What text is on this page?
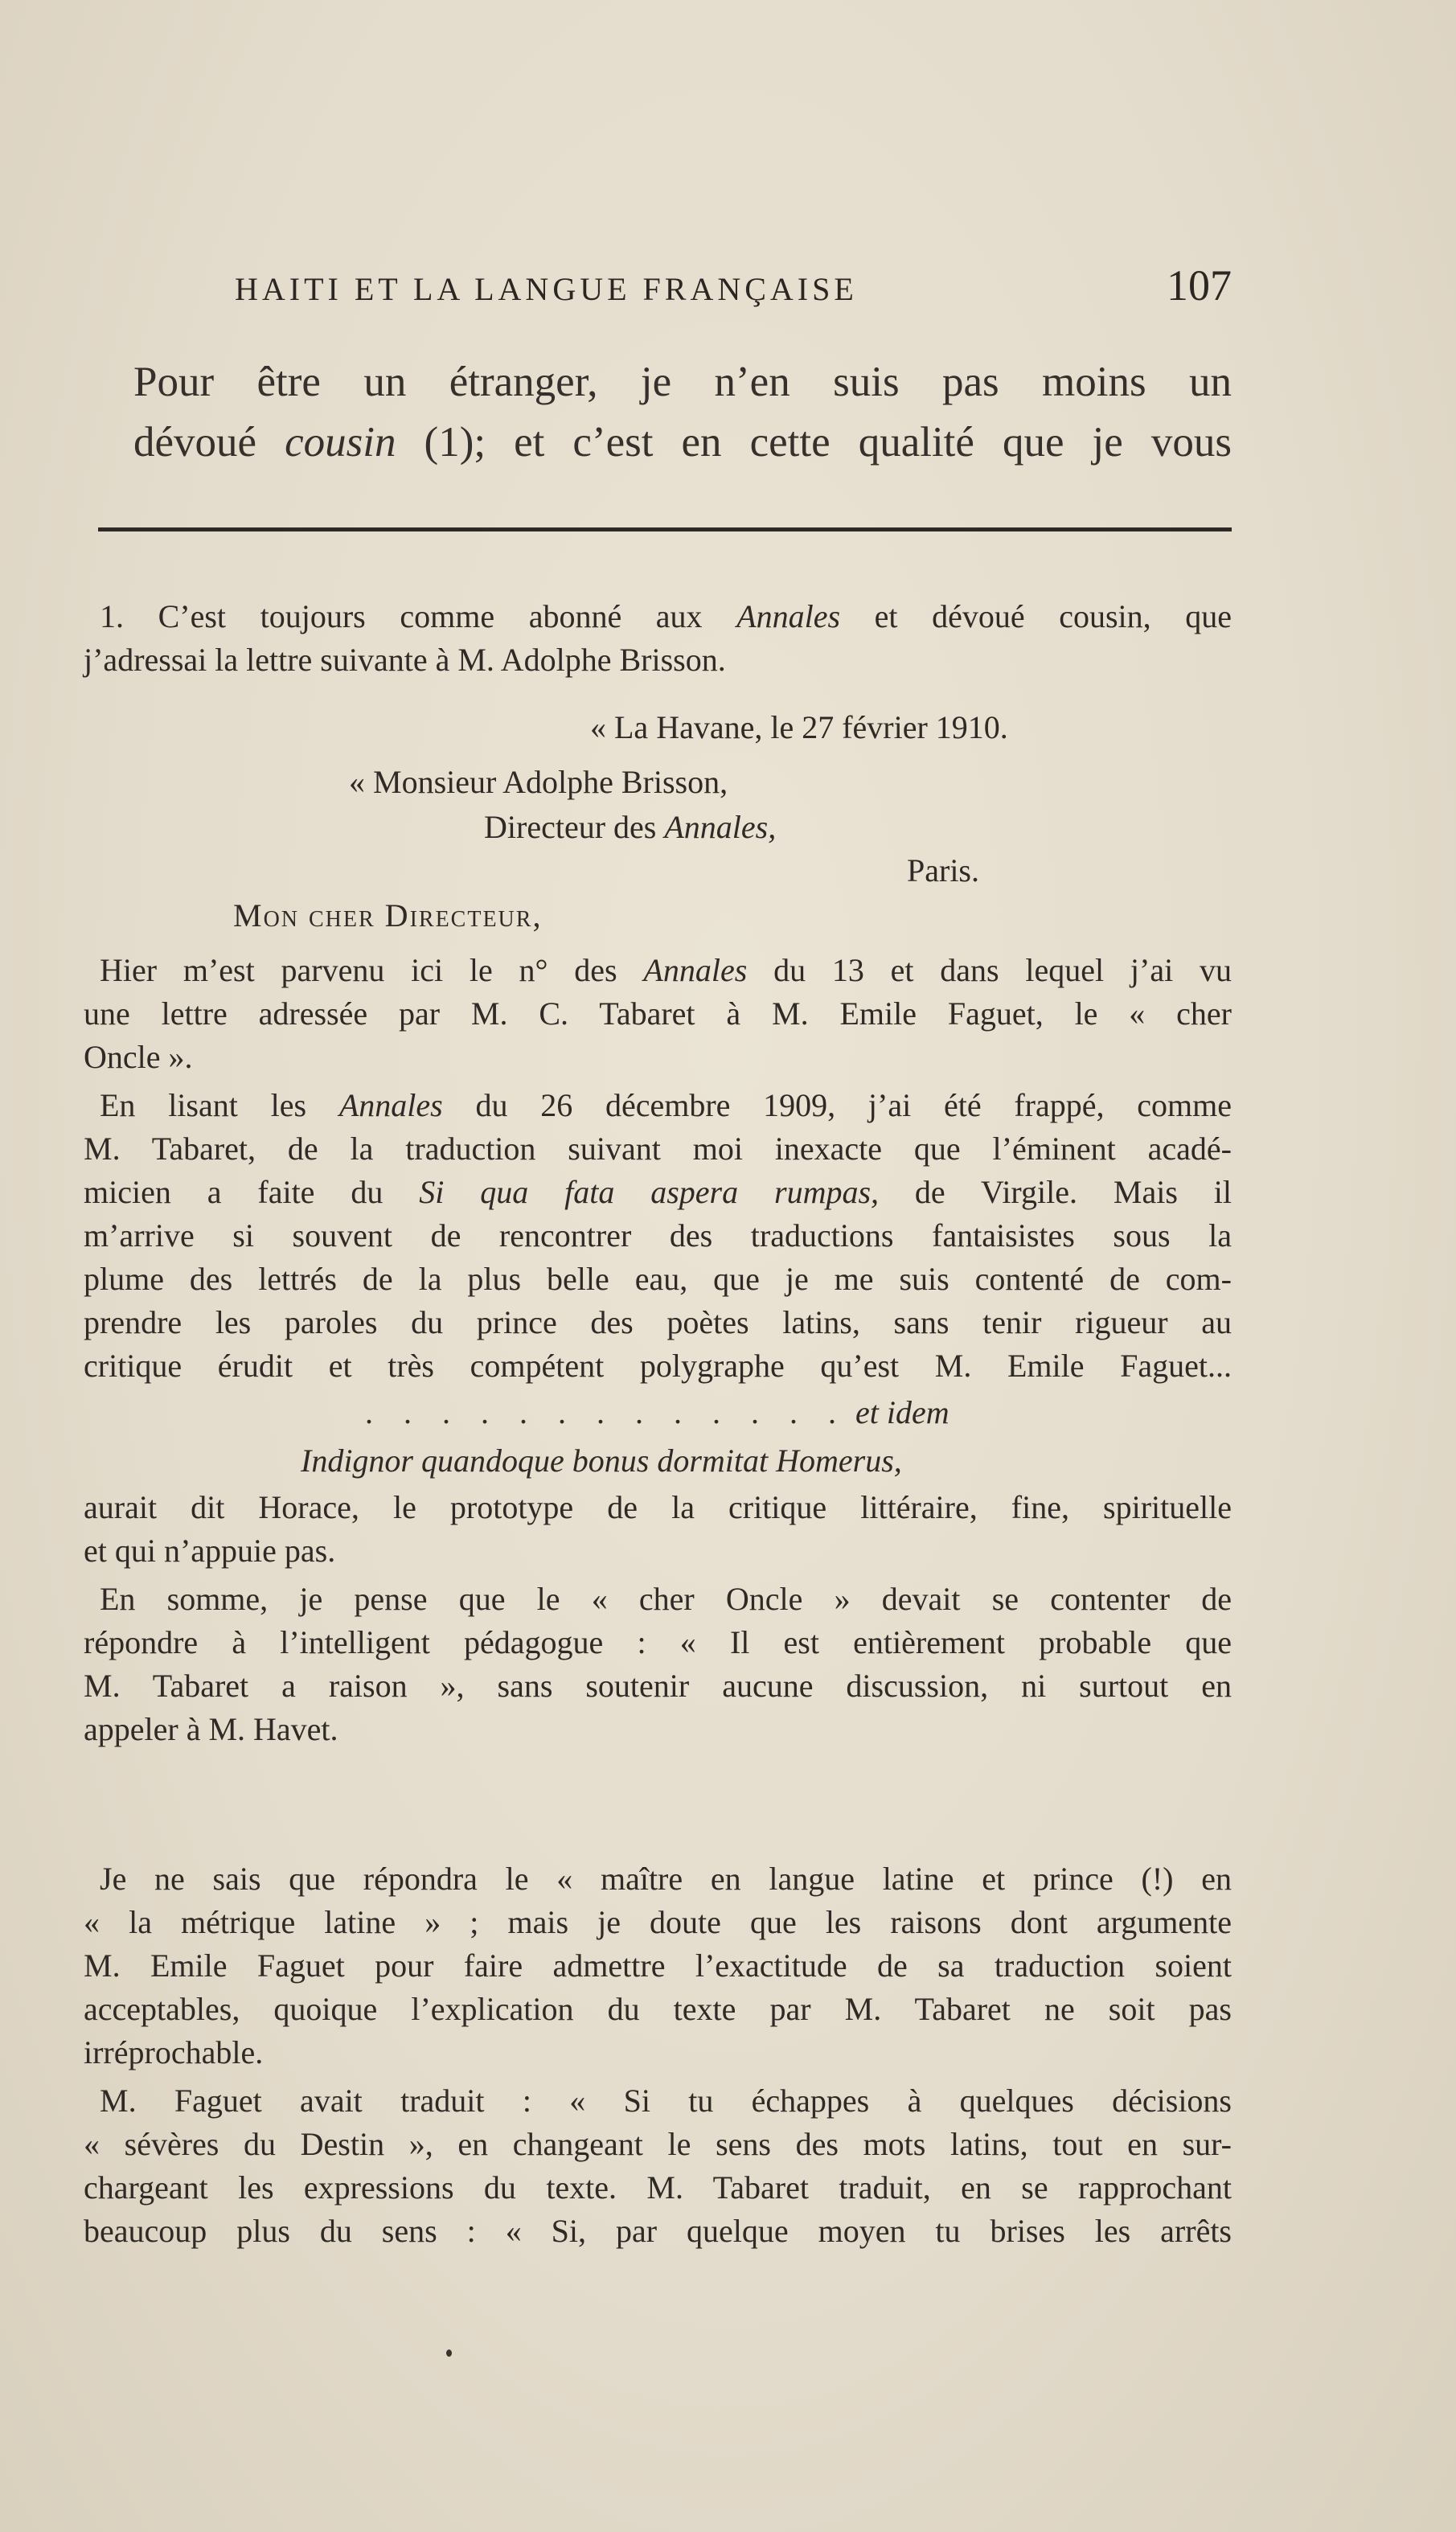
HAITI ET LA LANGUE FRANÇAISE	107

Pour être un étranger, je n’en suis pas moins un

dévoué cousin (1); et c’est en cette qualité que je vous

1. C’est toujours comme abonné aux Annales et dévoué cousin, que

j’adressai la lettre suivante à M. Adolphe Brisson.

« La Havane, le 27 février 1910.

« Monsieur Adolphe Brisson,

Directeur des Annales,

Paris.

Mon cher Directeur,

Hier m’est parvenu ici le n° des Annales du 13 et dans lequel j’ai vu

une lettre adressée par M. C. Tabaret à M. Emile Faguet, le « cher

Oncle ».

En lisant les Annales du 26 décembre 1909, j’ai été frappé, comme

M. Tabaret, de la traduction suivant moi inexacte que l’éminent acadé-

micien a faite du Si qua fata aspera rumpas, de Virgile. Mais il

m’arrive si souvent de rencontrer des traductions fantaisistes sous la

plume des lettrés de la plus belle eau, que je me suis contenté de com-

prendre les paroles du prince des poètes latins, sans tenir rigueur au

critique érudit et très compétent polygraphe qu’est M. Emile Faguet...

. . . . . . . . . . . . . et idem

Indignor quandoque bonus dormitat Homerus,

aurait dit Horace, le prototype de la critique littéraire, fine, spirituelle

et qui n’appuie pas.

En somme, je pense que le « cher Oncle » devait se contenter de

répondre à l’intelligent pédagogue : « Il est entièrement probable que

M. Tabaret a raison », sans soutenir aucune discussion, ni surtout en

appeler à M. Havet.

Je ne sais que répondra le « maître en langue latine et prince (!) en

« la métrique latine » ; mais je doute que les raisons dont argumente

M. Emile Faguet pour faire admettre l’exactitude de sa traduction soient

acceptables, quoique l’explication du texte par M. Tabaret ne soit pas

irréprochable.

M. Faguet avait traduit : « Si tu échappes à quelques décisions

« sévères du Destin », en changeant le sens des mots latins, tout en sur-

chargeant les expressions du texte. M. Tabaret traduit, en se rapprochant

beaucoup plus du sens : « Si, par quelque moyen tu brises les arrêts
